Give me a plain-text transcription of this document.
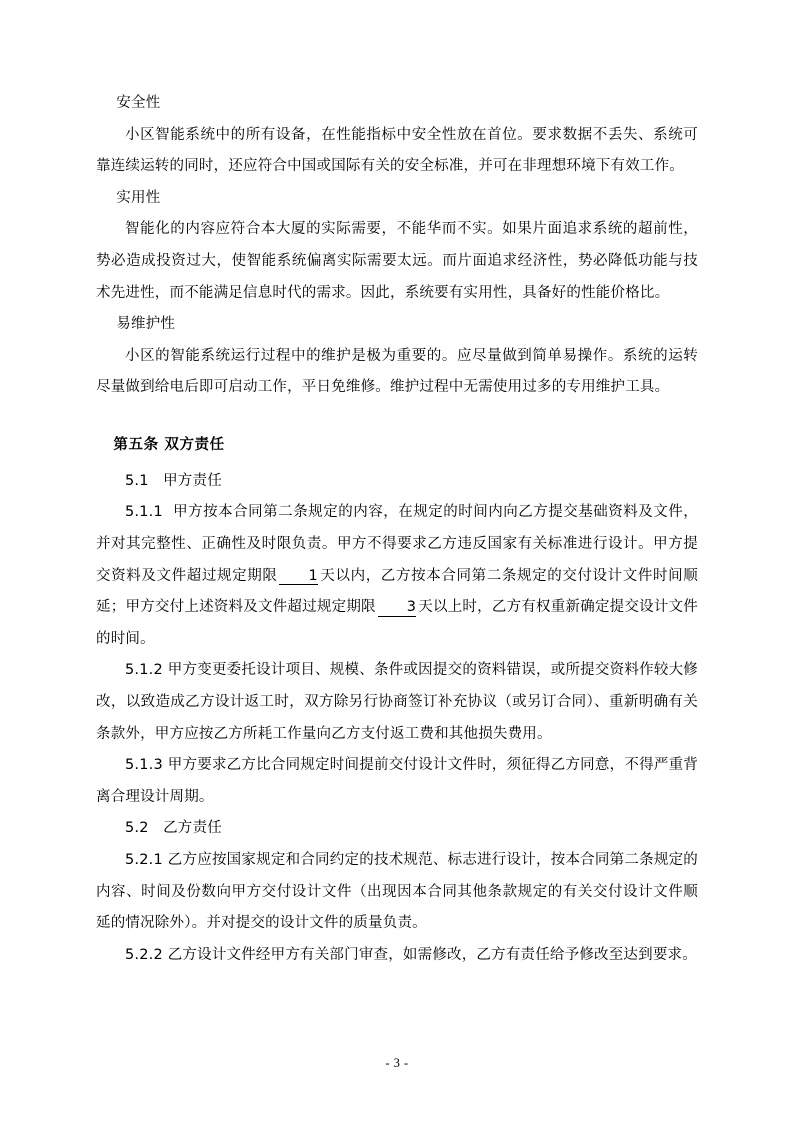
安全性

小区智能系统中的所有设备，在性能指标中安全性放在首位。要求数据不丢失、系统可靠连续运转的同时，还应符合中国或国际有关的安全标准，并可在非理想环境下有效工作。

实用性

智能化的内容应符合本大厦的实际需要，不能华而不实。如果片面追求系统的超前性，势必造成投资过大，使智能系统偏离实际需要太远。而片面追求经济性，势必降低功能与技术先进性，而不能满足信息时代的需求。因此，系统要有实用性，具备好的性能价格比。

易维护性

小区的智能系统运行过程中的维护是极为重要的。应尽量做到简单易操作。系统的运转尽量做到给电后即可启动工作，平日免维修。维护过程中无需使用过多的专用维护工具。

第五条 双方责任

5.1 甲方责任

5.1.1 甲方按本合同第二条规定的内容，在规定的时间内向乙方提交基础资料及文件，并对其完整性、正确性及时限负责。甲方不得要求乙方违反国家有关标准进行设计。甲方提交资料及文件超过规定期限 1 天以内，乙方按本合同第二条规定的交付设计文件时间顺延；甲方交付上述资料及文件超过规定期限 3 天以上时，乙方有权重新确定提交设计文件的时间。

5.1.2 甲方变更委托设计项目、规模、条件或因提交的资料错误，或所提交资料作较大修改，以致造成乙方设计返工时，双方除另行协商签订补充协议（或另订合同）、重新明确有关条款外，甲方应按乙方所耗工作量向乙方支付返工费和其他损失费用。

5.1.3 甲方要求乙方比合同规定时间提前交付设计文件时，须征得乙方同意，不得严重背离合理设计周期。

5.2 乙方责任

5.2.1 乙方应按国家规定和合同约定的技术规范、标志进行设计，按本合同第二条规定的内容、时间及份数向甲方交付设计文件（出现因本合同其他条款规定的有关交付设计文件顺延的情况除外）。并对提交的设计文件的质量负责。

5.2.2 乙方设计文件经甲方有关部门审查，如需修改，乙方有责任给予修改至达到要求。

- 3 -
